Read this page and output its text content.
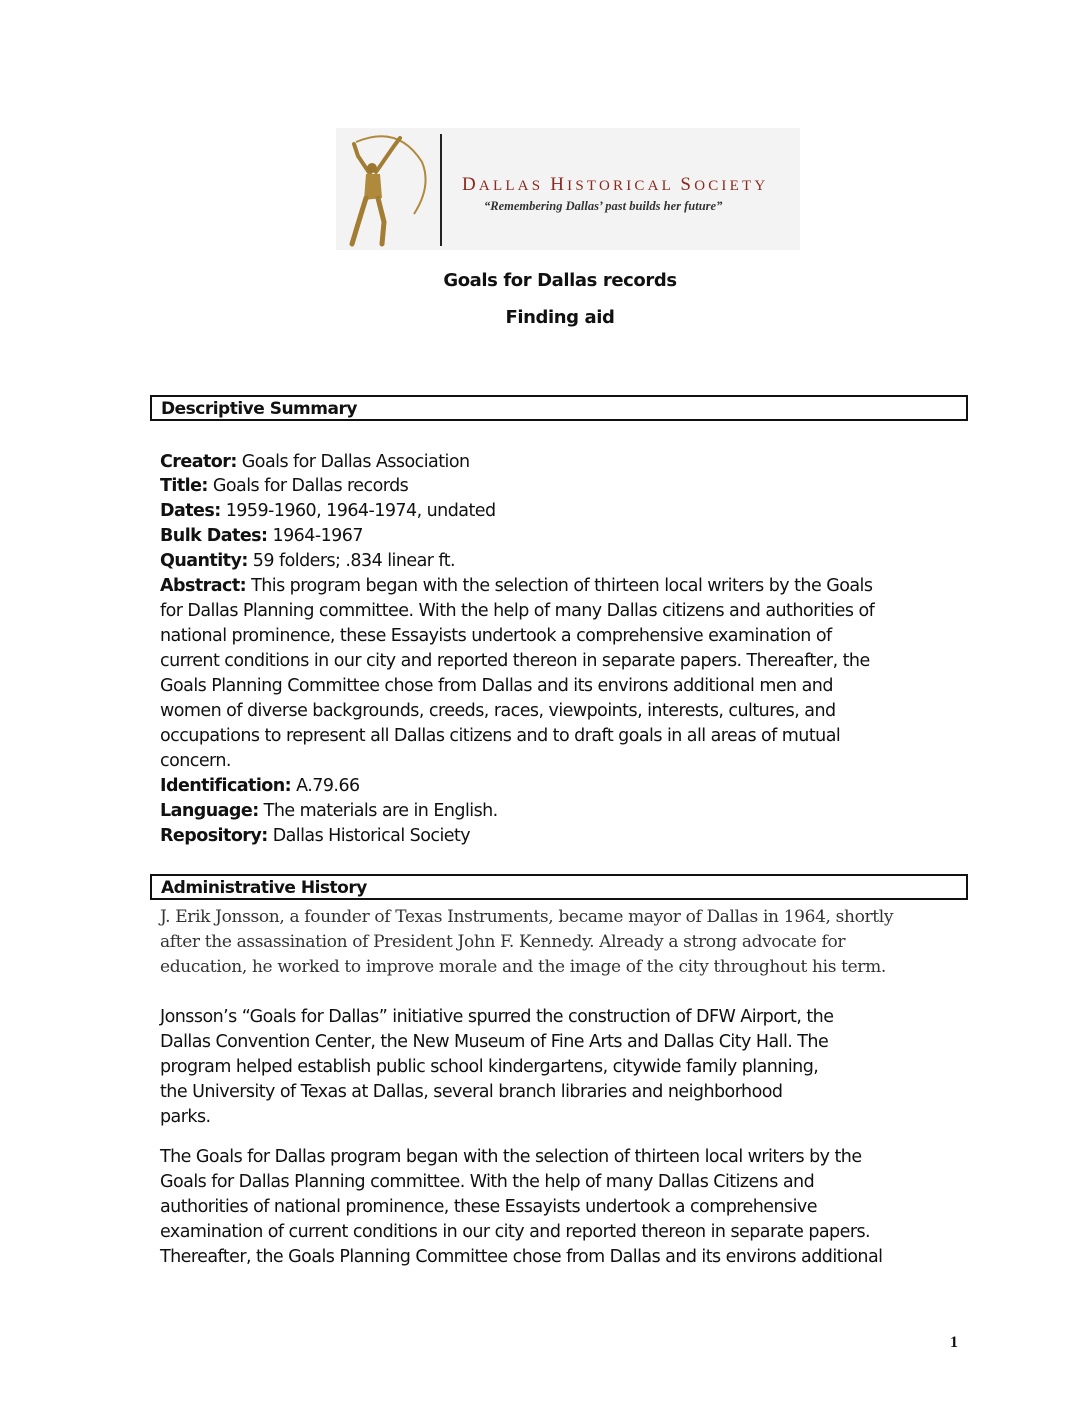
DALLAS HISTORICAL SOCIETY
“Remembering Dallas’ past builds her future”
Goals for Dallas records
Finding aid
Descriptive Summary
Creator: Goals for Dallas Association
Title: Goals for Dallas records
Dates: 1959-1960, 1964-1974, undated
Bulk Dates: 1964-1967
Quantity: 59 folders; .834 linear ft.
Abstract: This program began with the selection of thirteen local writers by the Goals
for Dallas Planning committee. With the help of many Dallas citizens and authorities of
national prominence, these Essayists undertook a comprehensive examination of
current conditions in our city and reported thereon in separate papers. Thereafter, the
Goals Planning Committee chose from Dallas and its environs additional men and
women of diverse backgrounds, creeds, races, viewpoints, interests, cultures, and
occupations to represent all Dallas citizens and to draft goals in all areas of mutual
concern.
Identification: A.79.66
Language: The materials are in English.
Repository: Dallas Historical Society
Administrative History
J. Erik Jonsson, a founder of Texas Instruments, became mayor of Dallas in 1964, shortly
after the assassination of President John F. Kennedy. Already a strong advocate for
education, he worked to improve morale and the image of the city throughout his term.
Jonsson’s “Goals for Dallas” initiative spurred the construction of DFW Airport, the
Dallas Convention Center, the New Museum of Fine Arts and Dallas City Hall. The
program helped establish public school kindergartens, citywide family planning,
the University of Texas at Dallas, several branch libraries and neighborhood
parks.
The Goals for Dallas program began with the selection of thirteen local writers by the
Goals for Dallas Planning committee. With the help of many Dallas Citizens and
authorities of national prominence, these Essayists undertook a comprehensive
examination of current conditions in our city and reported thereon in separate papers.
Thereafter, the Goals Planning Committee chose from Dallas and its environs additional
1
